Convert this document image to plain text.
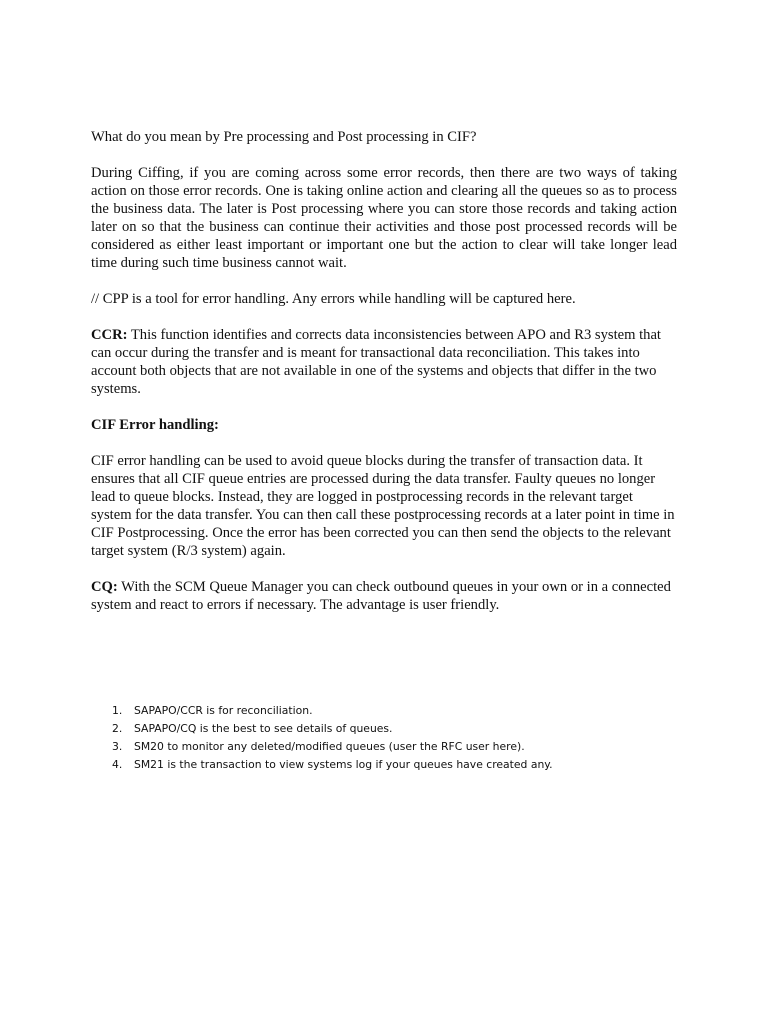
What do you mean by Pre processing and Post processing in CIF?

During Ciffing, if you are coming across some error records, then there are two ways of taking action on those error records. One is taking online action and clearing all the queues so as to process the business data. The later is Post processing where you can store those records and taking action later on so that the business can continue their activities and those post processed records will be considered as either least important or important one but the action to clear will take longer lead time during such time business cannot wait.

// CPP is a tool for error handling. Any errors while handling will be captured here.

CCR: This function identifies and corrects data inconsistencies between APO and R3 system that can occur during the transfer and is meant for transactional data reconciliation. This takes into account both objects that are not available in one of the systems and objects that differ in the two systems.

CIF Error handling:

CIF error handling can be used to avoid queue blocks during the transfer of transaction data. It ensures that all CIF queue entries are processed during the data transfer. Faulty queues no longer lead to queue blocks. Instead, they are logged in postprocessing records in the relevant target system for the data transfer. You can then call these postprocessing records at a later point in time in CIF Postprocessing. Once the error has been corrected you can then send the objects to the relevant target system (R/3 system) again.

CQ: With the SCM Queue Manager you can check outbound queues in your own or in a connected system and react to errors if necessary. The advantage is user friendly.

1.	SAPAPO/CCR is for reconciliation.
2.	SAPAPO/CQ is the best to see details of queues.
3.	SM20 to monitor any deleted/modified queues (user the RFC user here).
4.	SM21 is the transaction to view systems log if your queues have created any.
